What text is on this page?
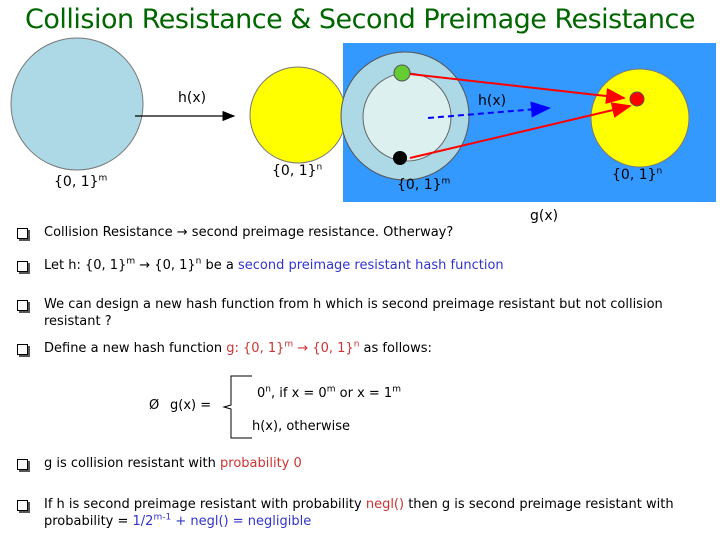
Collision Resistance & Second Preimage Resistance
h(x)
{0, 1}$^m$	{0, 1}$^n$
h(x)
{0, 1}$^m$	{0, 1}$^n$
g(x)
Collision Resistance → second preimage resistance. Otherway?
Let h: {0, 1}$^m$ → {0, 1}$^n$ be a second preimage resistant hash function
We can design a new hash function from h which is second preimage resistant but not collision resistant ?
Define a new hash function g: {0, 1}$^m$ → {0, 1}$^n$ as follows:
Ø g(x) =
$0^n$, if $x = 0^m$ or $x = 1^m$
h(x), otherwise
g is collision resistant with probability 0
If h is second preimage resistant with probability negl() then g is second preimage resistant with probability = $1/2^{m-1}$ + negl() = negligible
